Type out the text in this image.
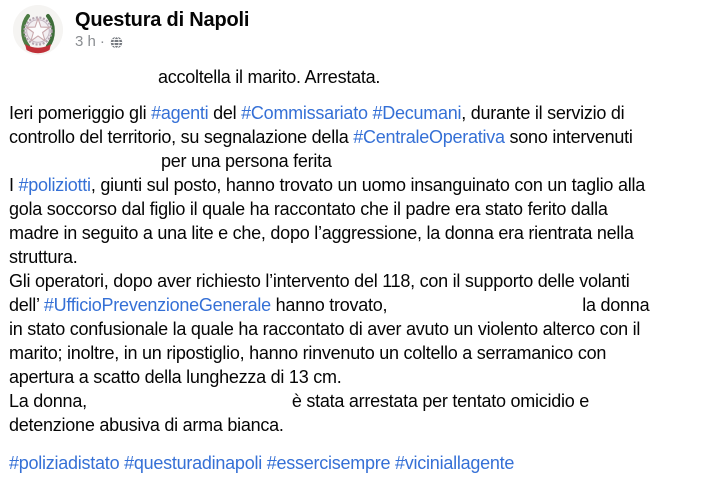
Questura di Napoli
3 h ·
accoltella il marito. Arrestata.
Ieri pomeriggio gli #agenti del #Commissariato #Decumani, durante il servizio di
controllo del territorio, su segnalazione della #CentraleOperativa sono intervenuti
per una persona ferita
I #poliziotti, giunti sul posto, hanno trovato un uomo insanguinato con un taglio alla
gola soccorso dal figlio il quale ha raccontato che il padre era stato ferito dalla
madre in seguito a una lite e che, dopo l’aggressione, la donna era rientrata nella
struttura.
Gli operatori, dopo aver richiesto l’intervento del 118, con il supporto delle volanti
dell’ #UfficioPrevenzioneGenerale hanno trovato,	la donna
in stato confusionale la quale ha raccontato di aver avuto un violento alterco con il
marito; inoltre, in un ripostiglio, hanno rinvenuto un coltello a serramanico con
apertura a scatto della lunghezza di 13 cm.
La donna,	è stata arrestata per tentato omicidio e
detenzione abusiva di arma bianca.
#poliziadistato #questuradinapoli #essercisempre #viciniallagente
